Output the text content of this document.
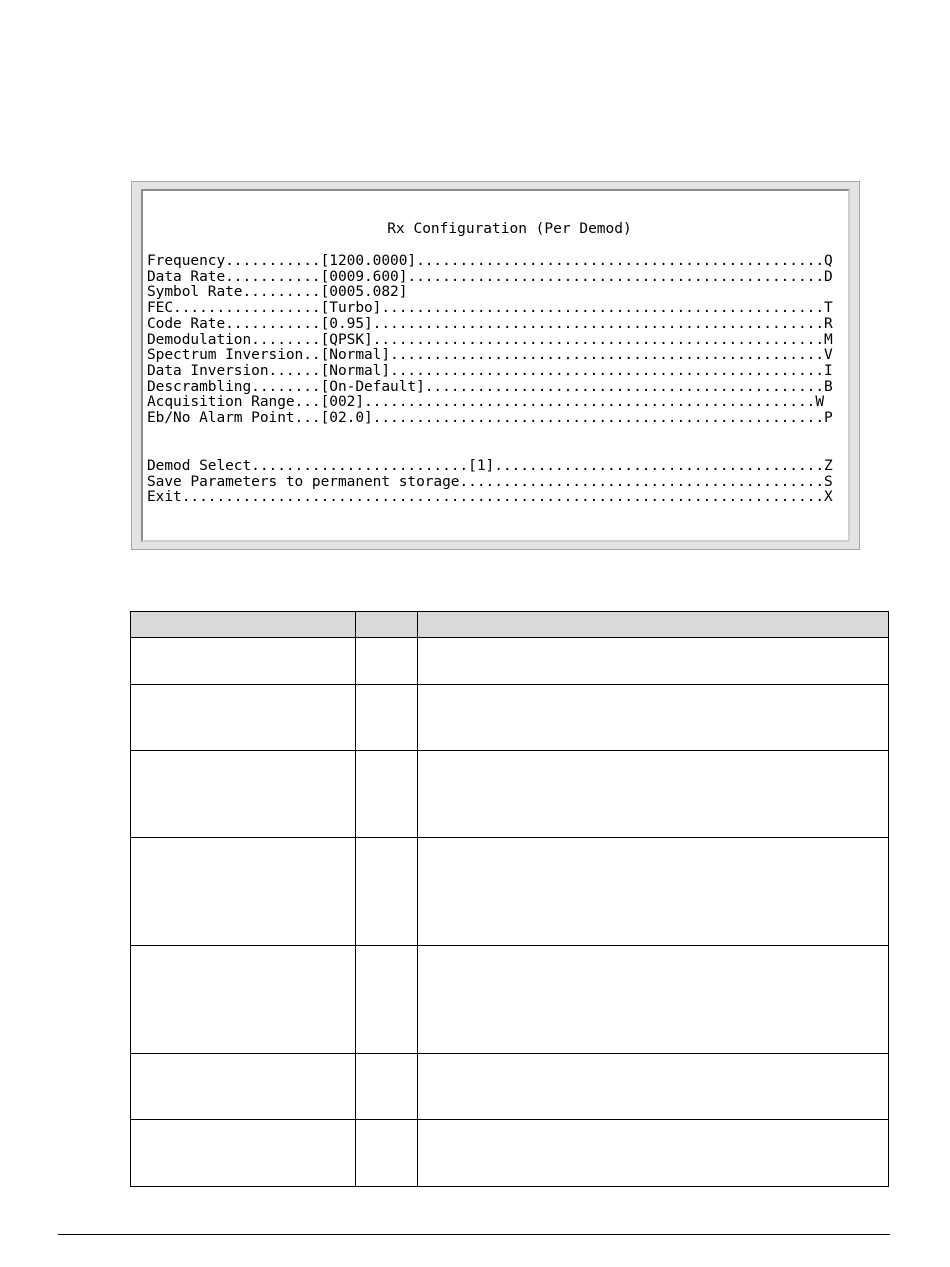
Rx Configuration (Per Demod)
Frequency...........[1200.0000]...............................................Q
Data Rate...........[0009.600]................................................D
Symbol Rate.........[0005.082]
FEC.................[Turbo]...................................................T
Code Rate...........[0.95]....................................................R
Demodulation........[QPSK]....................................................M
Spectrum Inversion..[Normal]..................................................V
Data Inversion......[Normal]..................................................I
Descrambling........[On-Default]..............................................B
Acquisition Range...[002]....................................................W
Eb/No Alarm Point...[02.0]....................................................P
Demod Select.........................[1]......................................Z
Save Parameters to permanent storage..........................................S
Exit..........................................................................X
